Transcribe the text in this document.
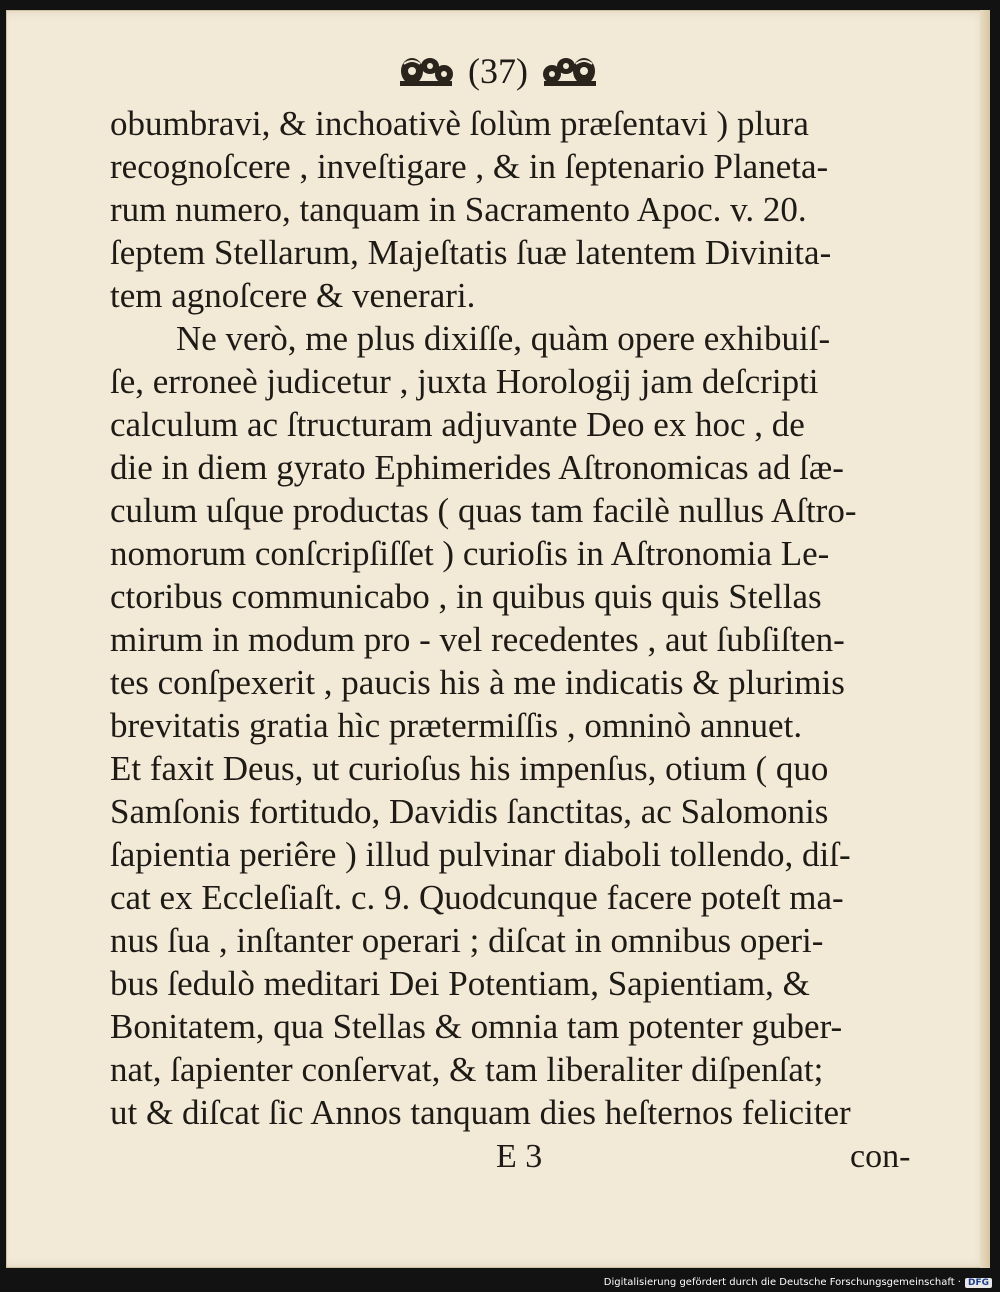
(37)
obumbravi, & inchoativè ſolùm præſentavi ) plura
recognoſcere , inveſtigare , & in ſeptenario Planeta-
rum numero, tanquam in Sacramento Apoc. v. 20.
ſeptem Stellarum, Majeſtatis ſuæ latentem Divinita-
tem agnoſcere & venerari.
Ne verò, me plus dixiſſe, quàm opere exhibuiſ-
ſe, erroneè judicetur , juxta Horologij jam deſcripti
calculum ac ſtructuram adjuvante Deo ex hoc , de
die in diem gyrato Ephimerides Aſtronomicas ad ſæ-
culum uſque productas ( quas tam facilè nullus Aſtro-
nomorum conſcripſiſſet ) curioſis in Aſtronomia Le-
ctoribus communicabo , in quibus quis quis Stellas
mirum in modum pro - vel recedentes , aut ſubſiſten-
tes conſpexerit , paucis his à me indicatis & plurimis
brevitatis gratia hìc prætermiſſis , omninò annuet.
Et faxit Deus, ut curioſus his impenſus, otium ( quo
Samſonis fortitudo, Davidis ſanctitas, ac Salomonis
ſapientia periêre ) illud pulvinar diaboli tollendo, diſ-
cat ex Eccleſiaſt. c. 9. Quodcunque facere poteſt ma-
nus ſua , inſtanter operari ; diſcat in omnibus operi-
bus ſedulò meditari Dei Potentiam, Sapientiam, &
Bonitatem, qua Stellas & omnia tam potenter guber-
nat, ſapienter conſervat, & tam liberaliter diſpenſat;
ut & diſcat ſic Annos tanquam dies heſternos feliciter
E 3	con-
Digitalisierung gefördert durch die Deutsche Forschungsgemeinschaft · DFG
